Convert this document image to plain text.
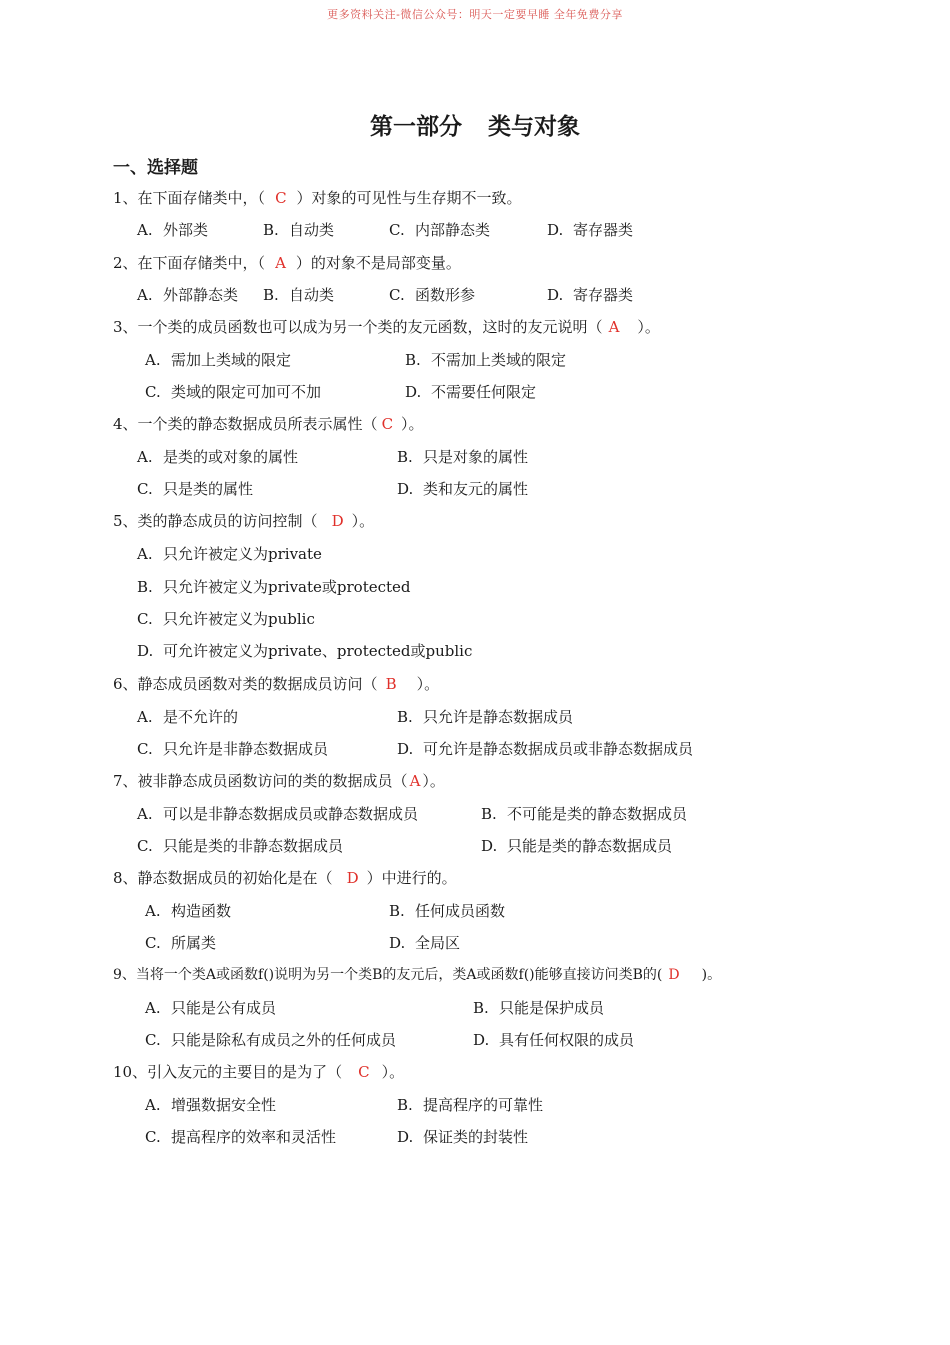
更多资料关注-微信公众号：明天一定要早睡 全年免费分享
第一部分 类与对象
一、选择题
1、在下面存储类中，（ C ）对象的可见性与生存期不一致。
A. 外部类	B. 自动类	C. 内部静态类	D. 寄存器类
2、在下面存储类中，（ A ）的对象不是局部变量。
A. 外部静态类 B. 自动类	C. 函数形参	D. 寄存器类
3、一个类的成员函数也可以成为另一个类的友元函数，这时的友元说明（ A ）。
A. 需加上类域的限定	B. 不需加上类域的限定
C. 类域的限定可加可不加	D. 不需要任何限定
4、一个类的静态数据成员所表示属性（ C ）。
A. 是类的或对象的属性	B. 只是对象的属性
C. 只是类的属性	D. 类和友元的属性
5、类的静态成员的访问控制（ D ）。
A. 只允许被定义为private
B. 只允许被定义为private或protected
C. 只允许被定义为public
D. 可允许被定义为private、protected或public
6、静态成员函数对类的数据成员访问（ B ）。
A. 是不允许的	B. 只允许是静态数据成员
C. 只允许是非静态数据成员	D. 可允许是静态数据成员或非静态数据成员
7、被非静态成员函数访问的类的数据成员（ A ）。
A. 可以是非静态数据成员或静态数据成员	B. 不可能是类的静态数据成员
C. 只能是类的非静态数据成员	D. 只能是类的静态数据成员
8、静态数据成员的初始化是在（ D ）中进行的。
A. 构造函数	B. 任何成员函数
C. 所属类	D. 全局区
9、当将一个类A或函数f()说明为另一个类B的友元后，类A或函数f()能够直接访问类B的( D )。
A. 只能是公有成员	B. 只能是保护成员
C. 只能是除私有成员之外的任何成员	D. 具有任何权限的成员
10、引入友元的主要目的是为了（ C ）。
A. 增强数据安全性	B. 提高程序的可靠性
C. 提高程序的效率和灵活性	D. 保证类的封装性
